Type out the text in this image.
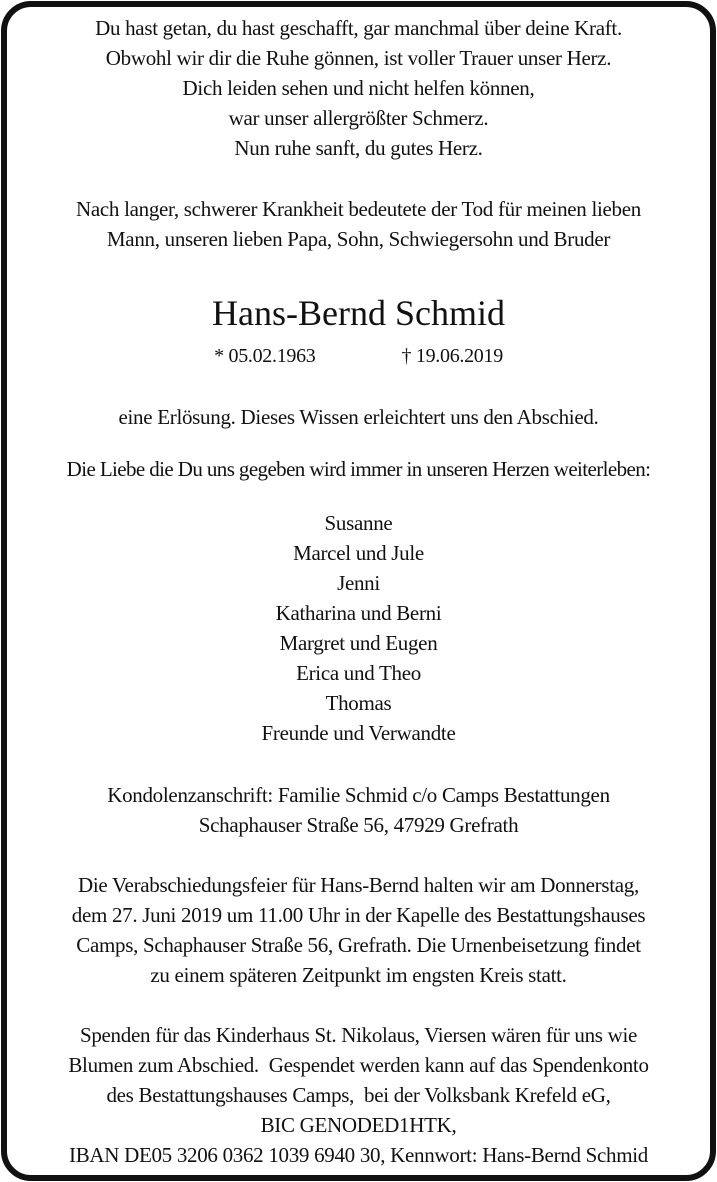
Du hast getan, du hast geschafft, gar manchmal über deine Kraft.
Obwohl wir dir die Ruhe gönnen, ist voller Trauer unser Herz.
Dich leiden sehen und nicht helfen können,
war unser allergrößter Schmerz.
Nun ruhe sanft, du gutes Herz.
Nach langer, schwerer Krankheit bedeutete der Tod für meinen lieben
Mann, unseren lieben Papa, Sohn, Schwiegersohn und Bruder
Hans-Bernd Schmid
* 05.02.1963	† 19.06.2019
eine Erlösung. Dieses Wissen erleichtert uns den Abschied.
Die Liebe die Du uns gegeben wird immer in unseren Herzen weiterleben:
Susanne
Marcel und Jule
Jenni
Katharina und Berni
Margret und Eugen
Erica und Theo
Thomas
Freunde und Verwandte
Kondolenzanschrift: Familie Schmid c/o Camps Bestattungen
Schaphauser Straße 56, 47929 Grefrath
Die Verabschiedungsfeier für Hans-Bernd halten wir am Donnerstag,
dem 27. Juni 2019 um 11.00 Uhr in der Kapelle des Bestattungshauses
Camps, Schaphauser Straße 56, Grefrath. Die Urnenbeisetzung findet
zu einem späteren Zeitpunkt im engsten Kreis statt.
Spenden für das Kinderhaus St. Nikolaus, Viersen wären für uns wie
Blumen zum Abschied.  Gespendet werden kann auf das Spendenkonto
des Bestattungshauses Camps,  bei der Volksbank Krefeld eG,
BIC GENODED1HTK,
IBAN DE05 3206 0362 1039 6940 30, Kennwort: Hans-Bernd Schmid
